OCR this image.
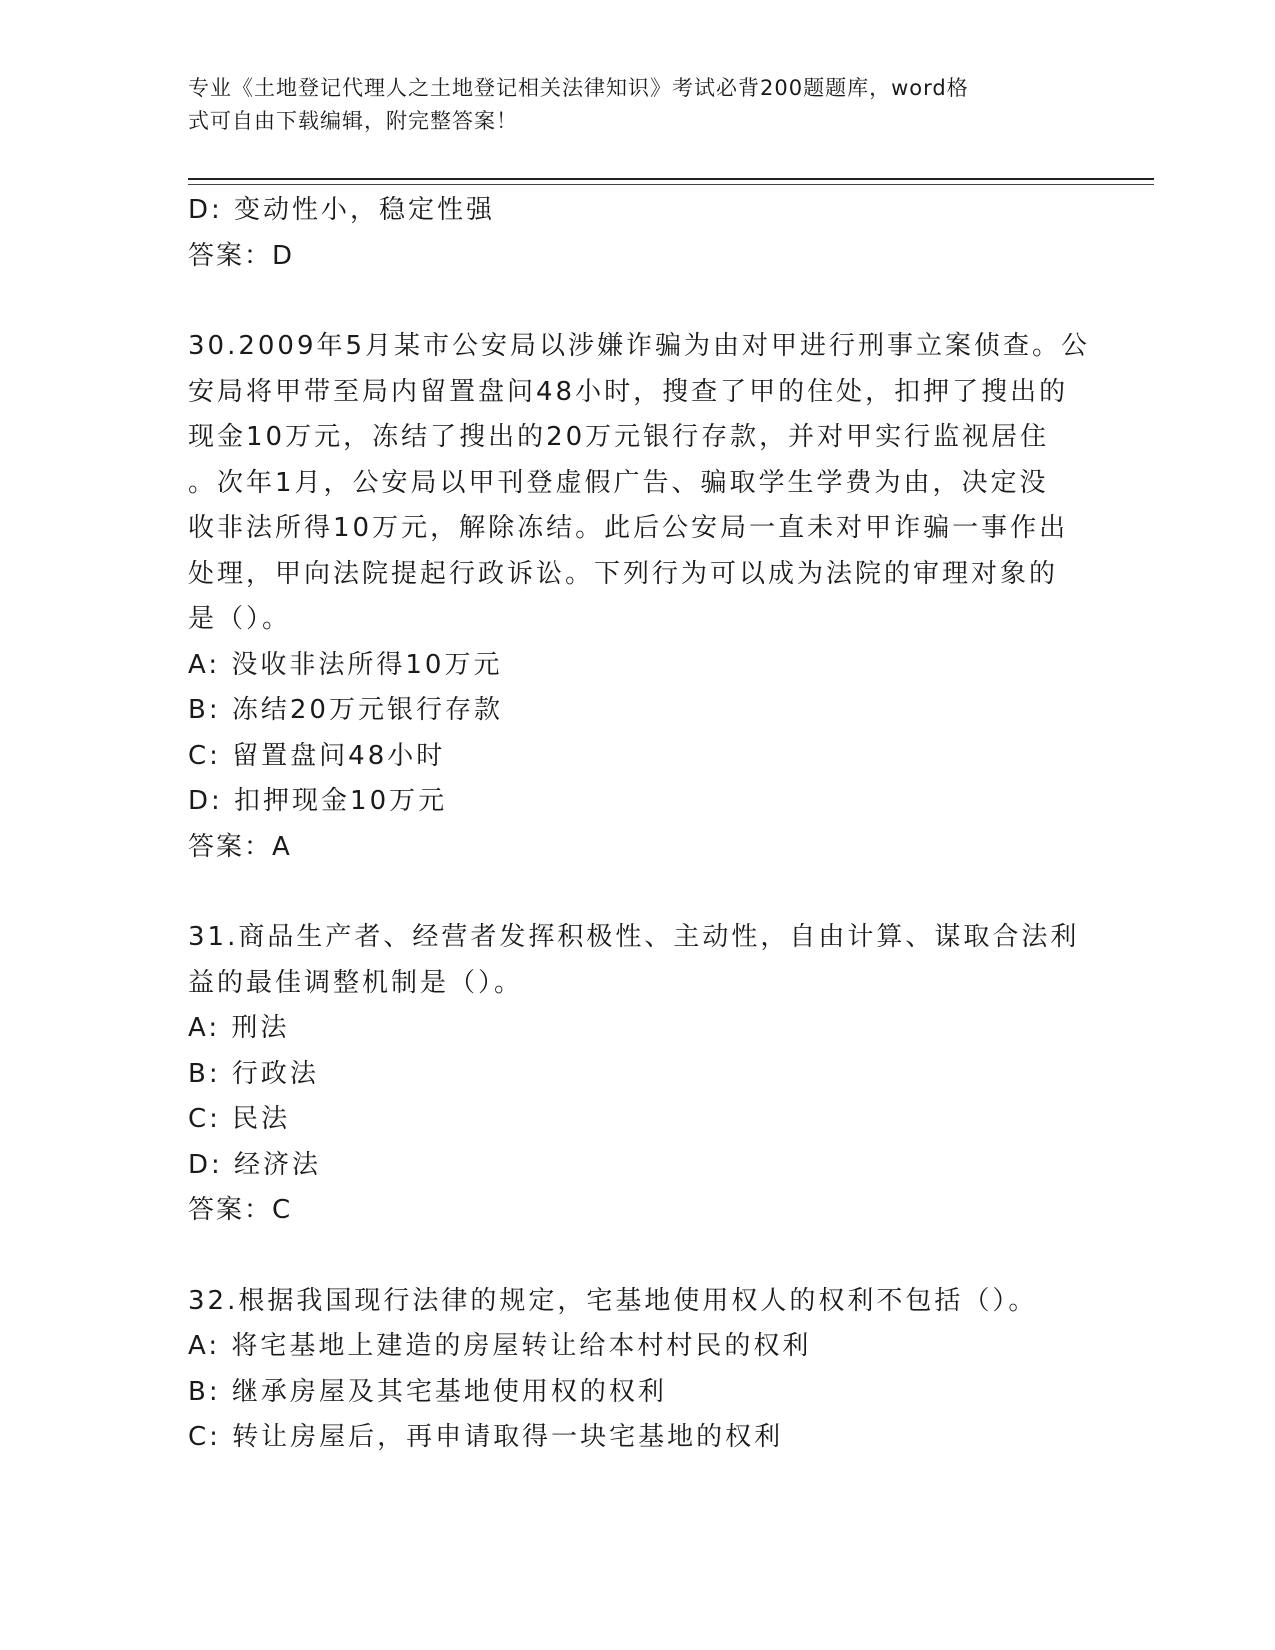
专业《土地登记代理人之土地登记相关法律知识》考试必背200题题库，word格
式可自由下载编辑，附完整答案！
D: 变动性小，稳定性强
答案：D
30.2009年5月某市公安局以涉嫌诈骗为由对甲进行刑事立案侦查。公
安局将甲带至局内留置盘问48小时，搜查了甲的住处，扣押了搜出的
现金10万元，冻结了搜出的20万元银行存款，并对甲实行监视居住
。次年1月，公安局以甲刊登虚假广告、骗取学生学费为由，决定没
收非法所得10万元，解除冻结。此后公安局一直未对甲诈骗一事作出
处理，甲向法院提起行政诉讼。下列行为可以成为法院的审理对象的
是（）。
A: 没收非法所得10万元
B: 冻结20万元银行存款
C: 留置盘问48小时
D: 扣押现金10万元
答案：A
31.商品生产者、经营者发挥积极性、主动性，自由计算、谋取合法利
益的最佳调整机制是（）。
A: 刑法
B: 行政法
C: 民法
D: 经济法
答案：C
32.根据我国现行法律的规定，宅基地使用权人的权利不包括（）。
A: 将宅基地上建造的房屋转让给本村村民的权利
B: 继承房屋及其宅基地使用权的权利
C: 转让房屋后，再申请取得一块宅基地的权利
